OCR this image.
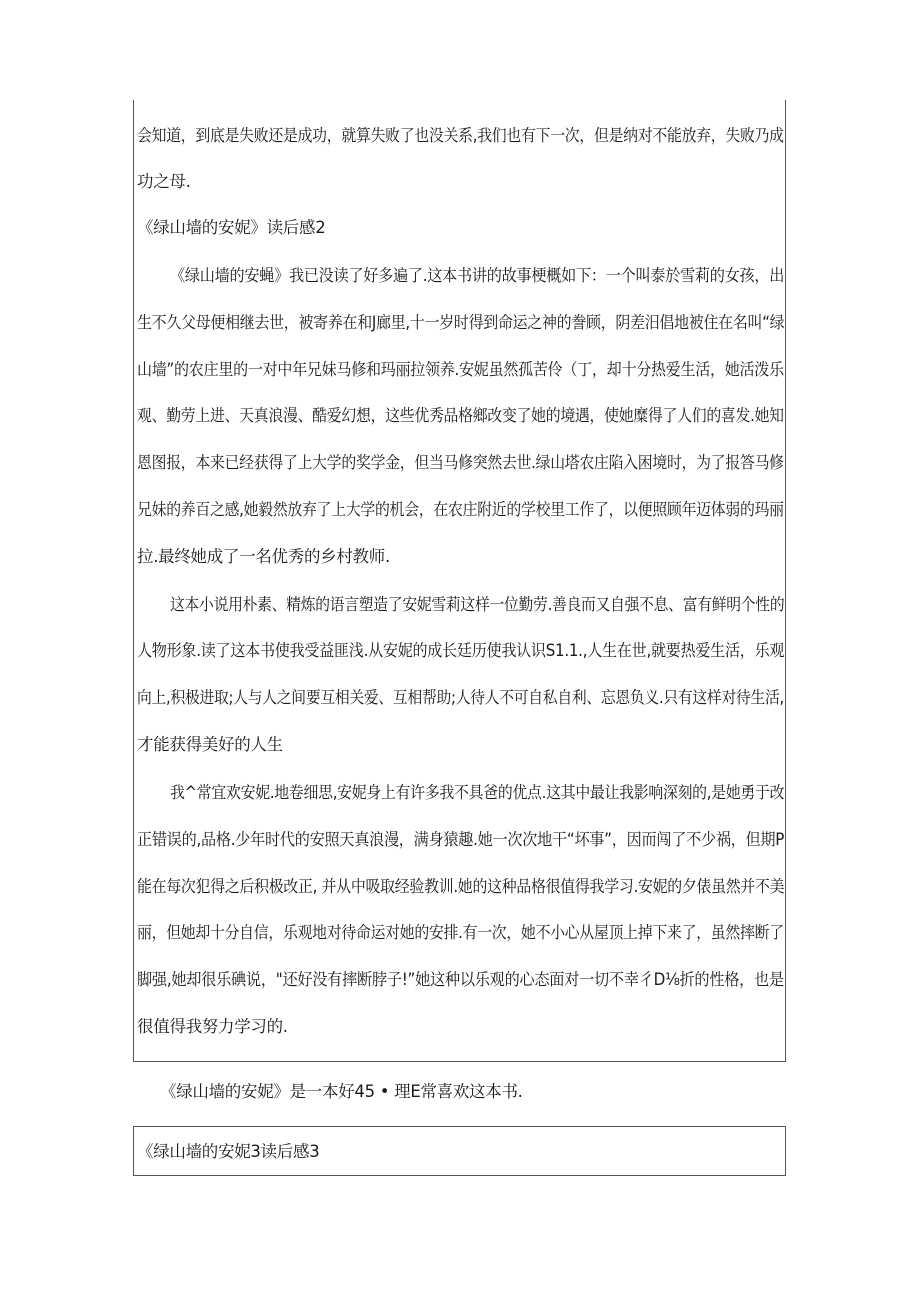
会知道，到底是失败还是成功，就算失败了也没关系,我们也有下一次，但是纳对不能放弃，失败乃成
功之母.
《绿山墙的安妮》读后感2
《绿山墙的安蝇》我已没读了好多遍了.这本书讲的故事梗概如下：一个叫泰於雪莉的女孩，出
生不久父母便相继去世，被寄养在和J廊里,十一岁时得到命运之神的誊顾，阴差汨倡地被住在名叫“绿
山墙”的农庄里的一对中年兄妹马修和玛丽拉领养.安妮虽然孤苦伶（丁，却十分热爱生活，她活泼乐
观、勤劳上进、天真浪漫、酷爱幻想，这些优秀品格鄉改变了她的境遇，使她糜得了人们的喜发.她知
恩图报，本来已经获得了上大学的奖学金，但当马修突然去世.绿山塔农庄陷入困境时，为了报答马修
兄妹的养百之感,她毅然放弃了上大学的机会，在农庄附近的学校里工作了，以便照顾年迈体弱的玛丽
拉.最终她成了一名优秀的乡村教师.
这本小说用朴素、精炼的语言塑造了安妮雪莉这样一位勤劳.善良而又自强不息、富有鲜明个性的
人物形象.读了这本书使我受益匪浅.从安妮的成长廷历使我认识S1.1.,人生在世,就要热爱生活，乐观
向上,积极进取;人与人之间要互相关爱、互相帮助;人待人不可自私自利、忘恩负义.只有这样对待生活,
才能获得美好的人生
我^常宜欢安妮.地卷细思,安妮身上有许多我不具爸的优点.这其中最让我影响深刻的,是她勇于改
正错误的,品格.少年时代的安照天真浪漫，满身猿趣.她一次次地干“坏事”，因而闯了不少祸，但期P
能在每次犯得之后积极改正, 并从中吸取经验教训.她的这种品格很值得我学习.安妮的夕俵虽然并不美
丽，但她却十分自信，乐观地对待命运对她的安排.有一次，她不小心从屋顶上掉下来了，虽然摔断了
脚强,她却很乐碘说，"还好没有摔断脖子!”她这种以乐观的心态面对一切不幸彳D⅛折的性格，也是
很值得我努力学习的.
《绿山墙的安妮》是一本好45 • 理E常喜欢这本书.
《绿山墙的安妮3读后感3
